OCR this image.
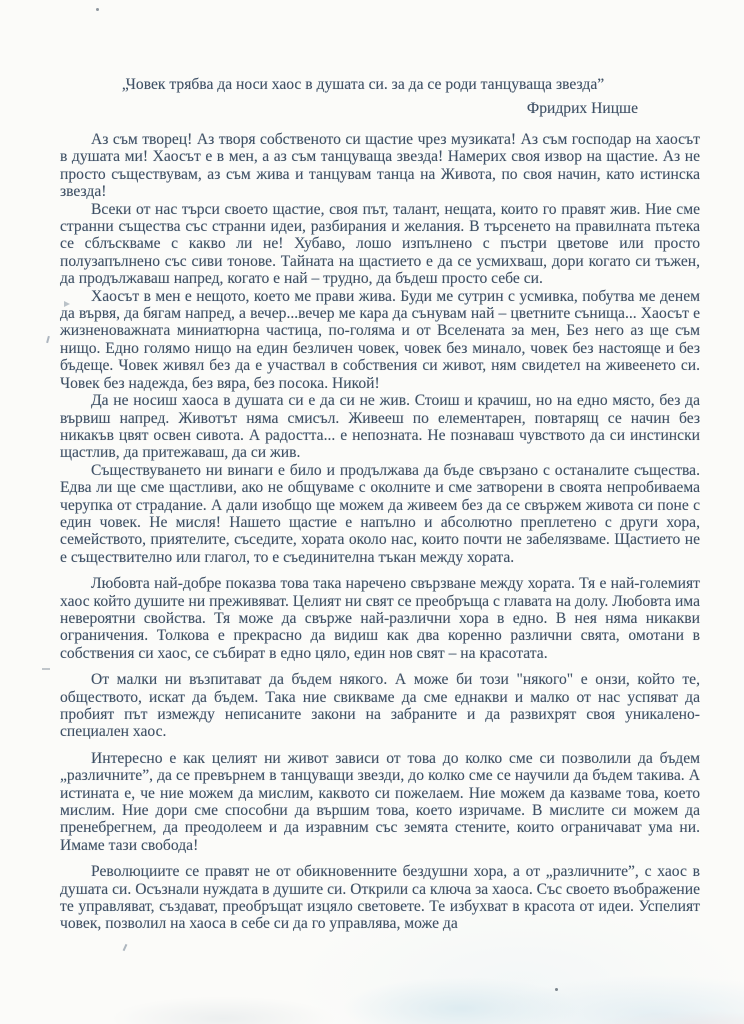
„Човек трябва да носи хаос в душата си. за да се роди танцуваща звезда”
Фридрих Ницше

Аз съм творец! Аз творя собственото си щастие чрез музиката! Аз съм господар на хаосът в душата ми! Хаосът е в мен, а аз съм танцуваща звезда! Намерих своя извор на щастие. Аз не просто съществувам, аз съм жива и танцувам танца на Живота, по своя начин, като истинска звезда!

Всеки от нас търси своето щастие, своя път, талант, нещата, които го правят жив. Ние сме странни същества със странни идеи, разбирания и желания. В търсенето на правилната пътека се сблъскваме с какво ли не! Хубаво, лошо изпълнено с пъстри цветове или просто полузапълнено със сиви тонове. Тайната на щастието е да се усмихваш, дори когато си тъжен, да продължаваш напред, когато е най – трудно, да бъдеш просто себе си.

Хаосът в мен е нещото, което ме прави жива. Буди ме сутрин с усмивка, побутва ме денем да вървя, да бягам напред, а вечер...вечер ме кара да сънувам най – цветните сънища... Хаосът е жизненоважната миниатюрна частица, по-голяма и от Вселената за мен, Без него аз ще съм нищо. Едно голямо нищо на един безличен човек, човек без минало, човек без настояще и без бъдеще. Човек живял без да е участвал в собствения си живот, ням свидетел на живеенето си. Човек без надежда, без вяра, без посока. Никой!

Да не носиш хаоса в душата си е да си не жив. Стоиш и крачиш, но на едно място, без да вървиш напред. Животът няма смисъл. Живееш по елементарен, повтарящ се начин без никакъв цвят освен сивота. А радостта... е непозната. Не познаваш чувството да си инстински щастлив, да притежаваш, да си жив.

Съществуването ни винаги е било и продължава да бъде свързано с останалите същества. Едва ли ще сме щастливи, ако не общуваме с околните и сме затворени в своята непробиваема черупка от страдание. А дали изобщо ще можем да живеем без да се свържем живота си поне с един човек. Не мисля! Нашето щастие е напълно и абсолютно преплетено с други хора, семейството, приятелите, съседите, хората около нас, които почти не забелязваме. Щастието не е съществително или глагол, то е съединителна тъкан между хората.

Любовта най-добре показва това така наречено свързване между хората. Тя е най-големият хаос който душите ни преживяват. Целият ни свят се преобръща с главата на долу. Любовта има невероятни свойства. Тя може да свърже най-различни хора в едно. В нея няма никакви ограничения. Толкова е прекрасно да видиш как два коренно различни свята, омотани в собствения си хаос, се събират в едно цяло, един нов свят – на красотата.

От малки ни възпитават да бъдем някого. А може би този "някого" е онзи, който те, обществото, искат да бъдем. Така ние свикваме да сме еднакви и малко от нас успяват да пробият път измежду неписаните закони на забраните и да развихрят своя уникалено-специален хаос.

Интересно е как целият ни живот зависи от това до колко сме си позволили да бъдем „различните”, да се превърнем в танцуващи звезди, до колко сме се научили да бъдем такива. А истината е, че ние можем да мислим, каквото си пожелаем. Ние можем да казваме това, което мислим. Ние дори сме способни да вършим това, което изричаме. В мислите си можем да пренебрегнем, да преодолеем и да изравним със земята стените, които ограничават ума ни. Имаме тази свобода!

Революциите се правят не от обикновенните бездушни хора, а от „различните”, с хаос в душата си. Осъзнали нуждата в душите си. Открили са ключа за хаоса. Със своето въображение те управляват, създават, преобръщат изцяло световете. Те избухват в красота от идеи. Успелият човек, позволил на хаоса в себе си да го управлява, може да
